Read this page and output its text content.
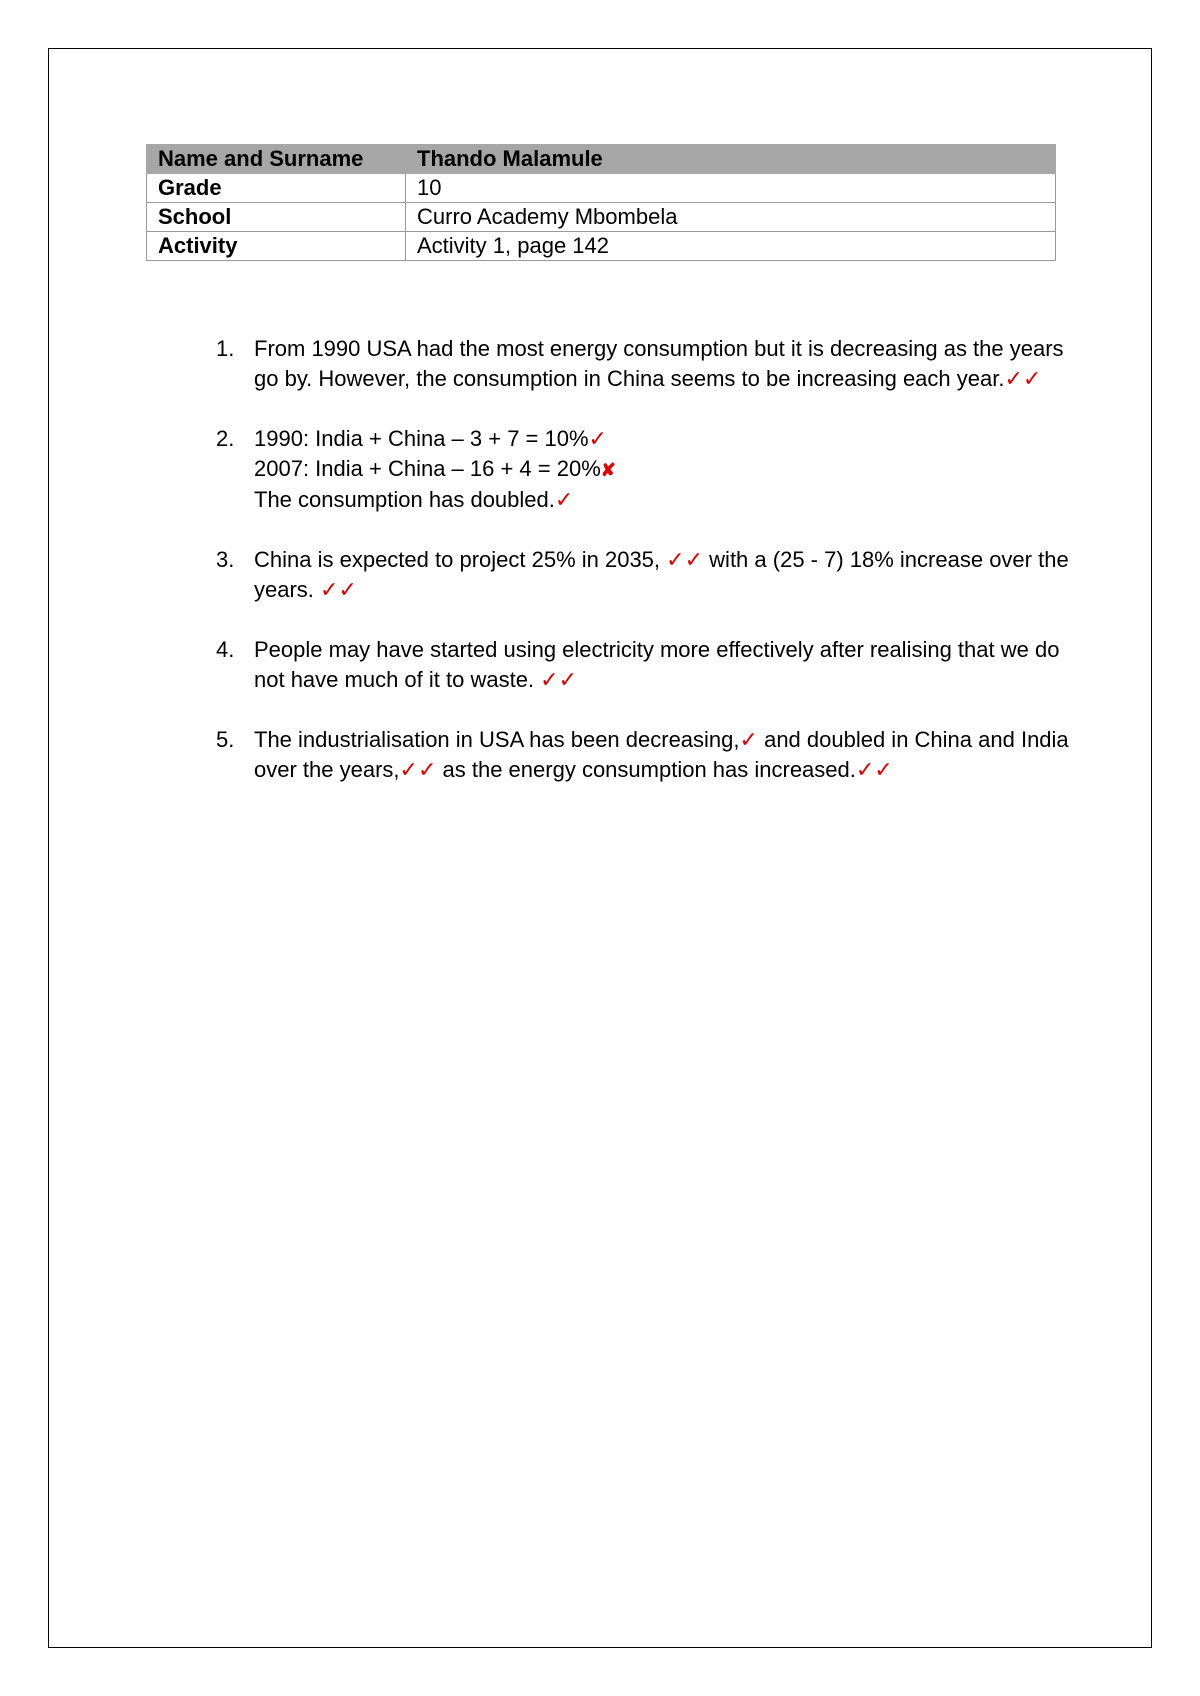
Name and Surname	Thando Malamule
Grade	10
School	Curro Academy Mbombela
Activity	Activity 1, page 142
1. From 1990 USA had the most energy consumption but it is decreasing as the years go by. However, the consumption in China seems to be increasing each year.✓✓
2. 1990: India + China – 3 + 7 = 10%✓
2007: India + China – 16 + 4 = 20%✘
The consumption has doubled.✓
3. China is expected to project 25% in 2035, ✓✓ with a (25 - 7) 18% increase over the years. ✓✓
4. People may have started using electricity more effectively after realising that we do not have much of it to waste. ✓✓
5. The industrialisation in USA has been decreasing,✓ and doubled in China and India over the years,✓✓ as the energy consumption has increased.✓✓
